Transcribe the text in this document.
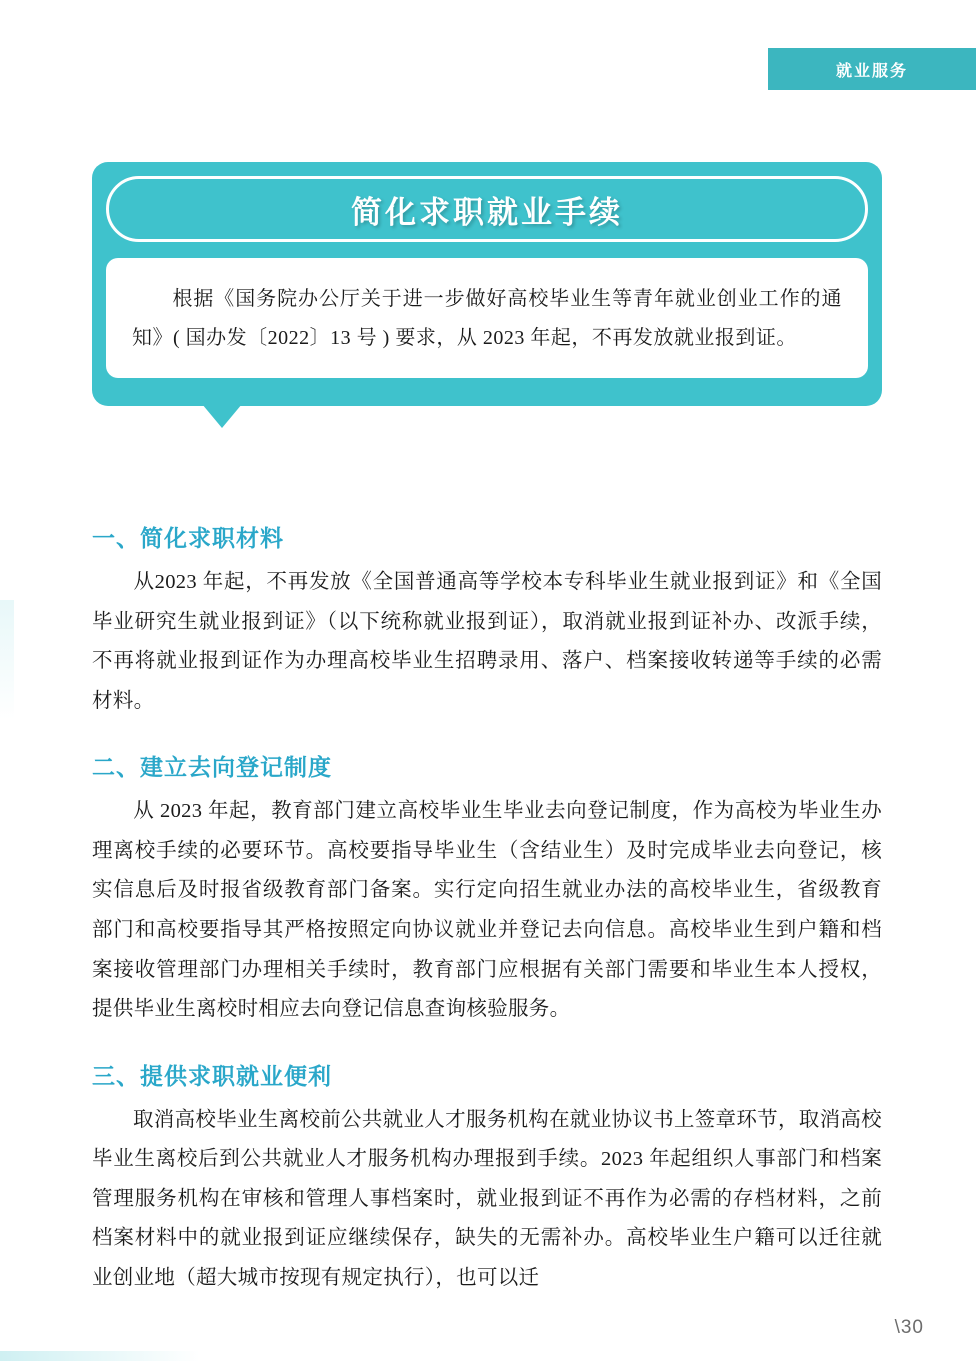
就业服务
简化求职就业手续
根据《国务院办公厅关于进一步做好高校毕业生等青年就业创业工作的通知》( 国办发〔2022〕13 号 ) 要求，从 2023 年起，不再发放就业报到证。
一、简化求职材料

从2023 年起，不再发放《全国普通高等学校本专科毕业生就业报到证》和《全国毕业研究生就业报到证》（以下统称就业报到证），取消就业报到证补办、改派手续，不再将就业报到证作为办理高校毕业生招聘录用、落户、档案接收转递等手续的必需材料。

二、建立去向登记制度

从 2023 年起，教育部门建立高校毕业生毕业去向登记制度，作为高校为毕业生办理离校手续的必要环节。高校要指导毕业生（含结业生）及时完成毕业去向登记，核实信息后及时报省级教育部门备案。实行定向招生就业办法的高校毕业生，省级教育部门和高校要指导其严格按照定向协议就业并登记去向信息。高校毕业生到户籍和档案接收管理部门办理相关手续时，教育部门应根据有关部门需要和毕业生本人授权，提供毕业生离校时相应去向登记信息查询核验服务。

三、提供求职就业便利

取消高校毕业生离校前公共就业人才服务机构在就业协议书上签章环节，取消高校毕业生离校后到公共就业人才服务机构办理报到手续。2023 年起组织人事部门和档案管理服务机构在审核和管理人事档案时，就业报到证不再作为必需的存档材料，之前档案材料中的就业报到证应继续保存，缺失的无需补办。高校毕业生户籍可以迁往就业创业地（超大城市按现有规定执行），也可以迁

\30
